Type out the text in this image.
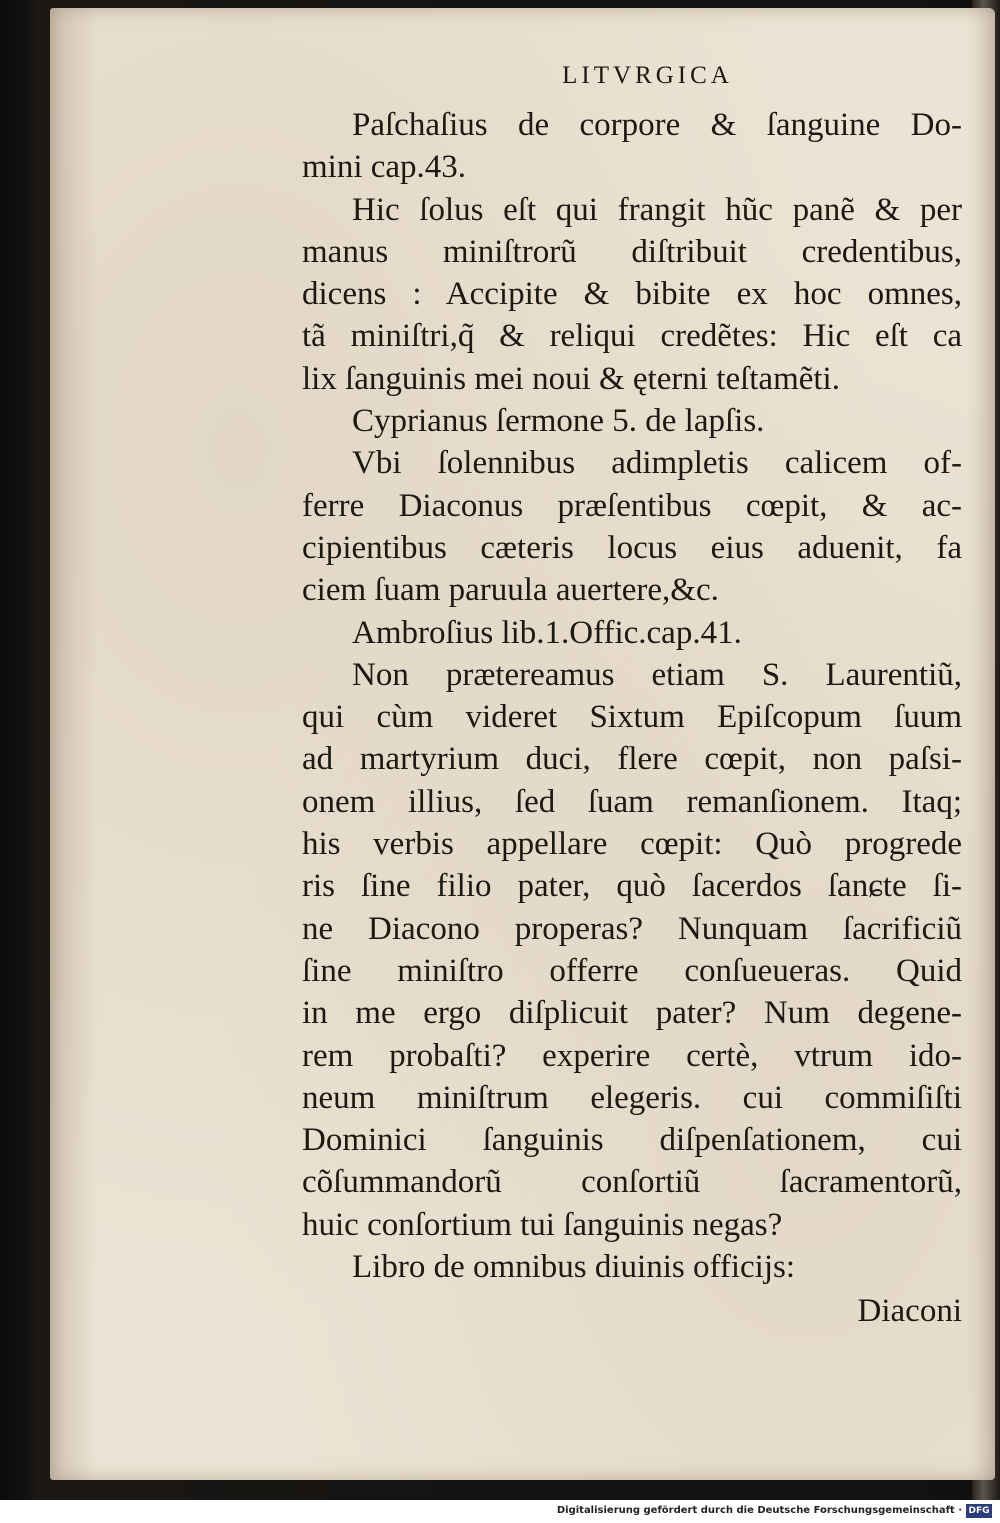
LITVRGICA
Paſchaſius de corpore & ſanguine Do-
mini cap.43.
Hic ſolus eſt qui frangit hũc panẽ & per
manus miniſtrorũ diſtribuit credentibus,
dicens : Accipite & bibite ex hoc omnes,
tã miniſtri,q̃ & reliqui credẽtes: Hic eſt ca
lix ſanguinis mei noui & ęterni teſtamẽti.
Cyprianus ſermone 5. de lapſis.
Vbi ſolennibus adimpletis calicem of-
ferre Diaconus præſentibus cœpit, & ac-
cipientibus cæteris locus eius aduenit, fa
ciem ſuam paruula auertere,&c.
Ambroſius lib.1.Offic.cap.41.
Non prætereamus etiam S. Laurentiũ,
qui cùm videret Sixtum Epiſcopum ſuum
ad martyrium duci, flere cœpit, non paſsi-
onem illius, ſed ſuam remanſionem. Itaq;
his verbis appellare cœpit: Quò progrede
ris ſine filio pater, quò ſacerdos ſanɕte ſi-
ne Diacono properas? Nunquam ſacrificiũ
ſine miniſtro offerre conſueueras. Quid
in me ergo diſplicuit pater? Num degene-
rem probaſti? experire certè, vtrum ido-
neum miniſtrum elegeris. cui commiſiſti
Dominici ſanguinis diſpenſationem, cui
cõſummandorũ conſortiũ ſacramentorũ,
huic conſortium tui ſanguinis negas?
Libro de omnibus diuinis officijs:
Diaconi
Digitalisierung gefördert durch die Deutsche Forschungsgemeinschaft · DFG
